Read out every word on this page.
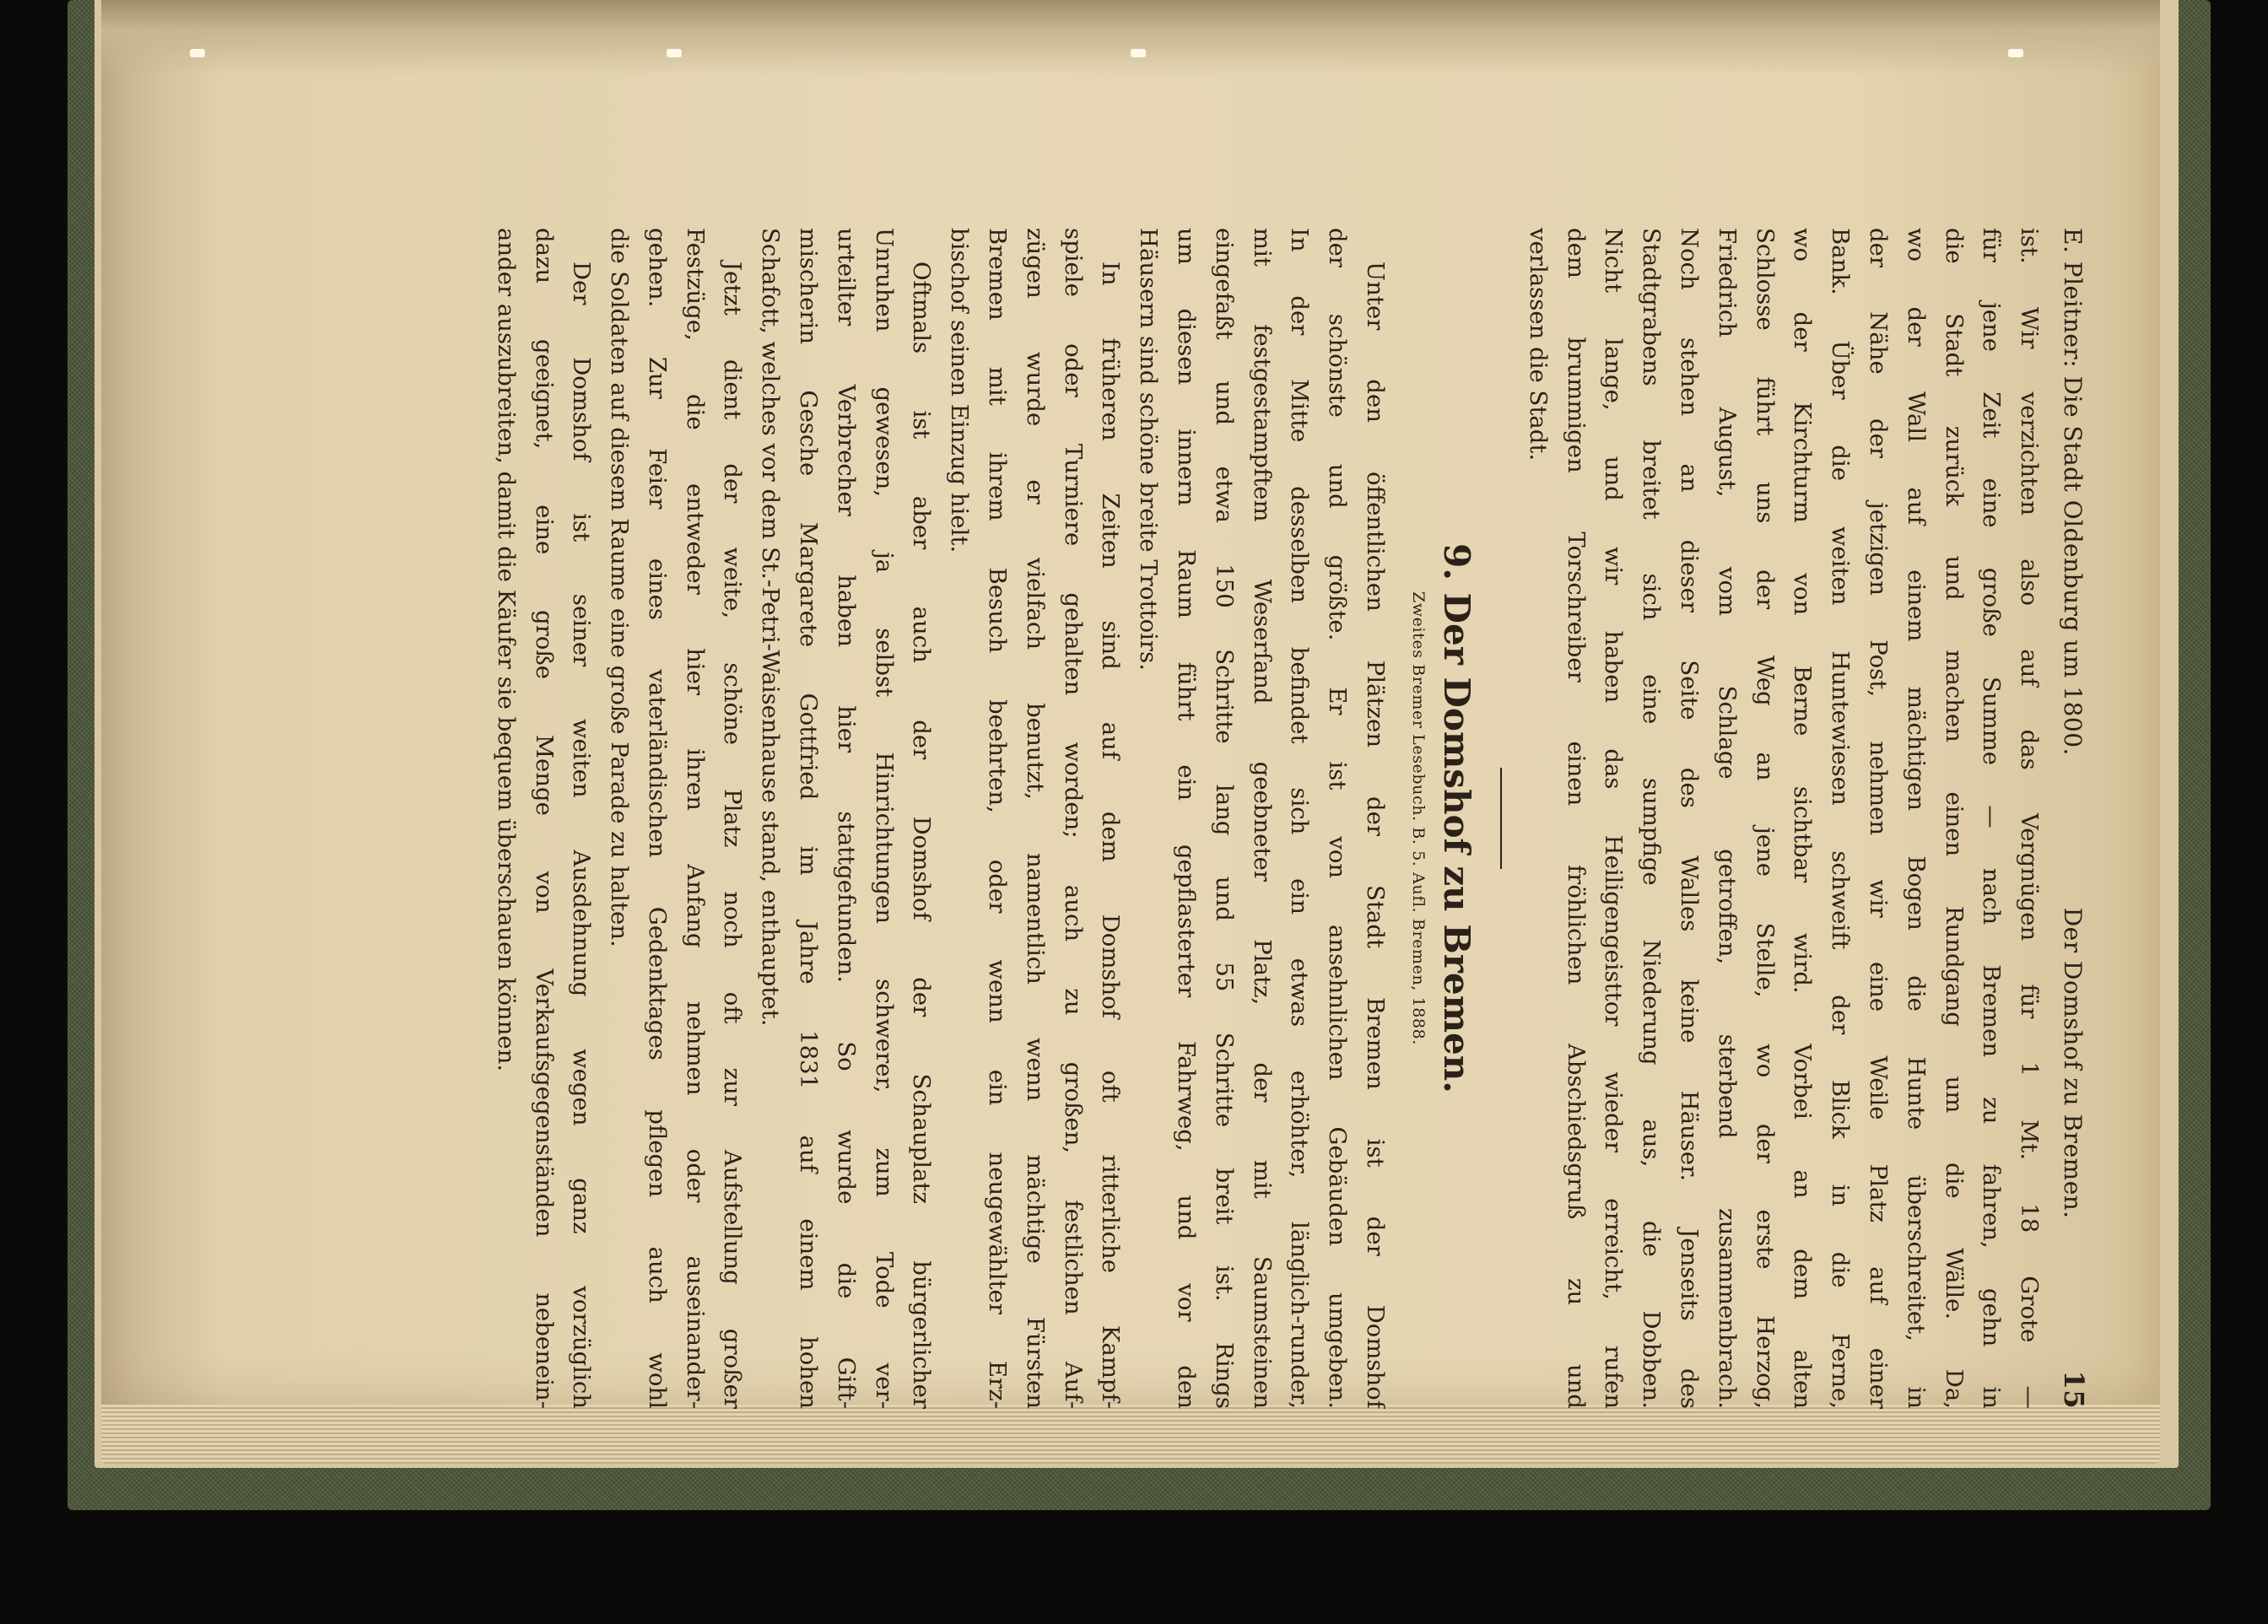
E. Pleitner: Die Stadt Oldenburg um 1800.
Der Domshof zu Bremen.
15
ist. Wir verzichten also auf das Vergnügen für 1 Mt. 18 Grote —
für jene Zeit eine große Summe — nach Bremen zu fahren, gehn in
die Stadt zurück und machen einen Rundgang um die Wälle. Da,
wo der Wall auf einem mächtigen Bogen die Hunte überschreitet, in
der Nähe der jetzigen Post, nehmen wir eine Weile Platz auf einer
Bank. Über die weiten Huntewiesen schweift der Blick in die Ferne,
wo der Kirchturm von Berne sichtbar wird. Vorbei an dem alten
Schlosse führt uns der Weg an jene Stelle, wo der erste Herzog,
Friedrich August, vom Schlage getroffen, sterbend zusammenbrach.
Noch stehen an dieser Seite des Walles keine Häuser. Jenseits des
Stadtgrabens breitet sich eine sumpfige Niederung aus, die Dobben.
Nicht lange, und wir haben das Heiligengeisttor wieder erreicht, rufen
dem brummigen Torschreiber einen fröhlichen Abschiedsgruß zu und
verlassen die Stadt.
9. Der Domshof zu Bremen.
Zweites Bremer Lesebuch. B. 5. Aufl. Bremen, 1888.
Unter den öffentlichen Plätzen der Stadt Bremen ist der Domshof
der schönste und größte. Er ist von ansehnlichen Gebäuden umgeben.
In der Mitte desselben befindet sich ein etwas erhöhter, länglich-runder,
mit festgestampftem Weserſand geebneter Platz, der mit Saumsteinen
eingefaßt und etwa 150 Schritte lang und 55 Schritte breit ist. Rings
um diesen innern Raum führt ein gepflasterter Fahrweg, und vor den
Häusern sind schöne breite Trottoirs.
In früheren Zeiten sind auf dem Domshof oft ritterliche Kampf-
spiele oder Turniere gehalten worden; auch zu großen, festlichen Auf-
zügen wurde er vielfach benutzt, namentlich wenn mächtige Fürsten
Bremen mit ihrem Besuch beehrten, oder wenn ein neugewählter Erz-
bischof seinen Einzug hielt.
Oftmals ist aber auch der Domshof der Schauplatz bürgerlicher
Unruhen gewesen, ja selbst Hinrichtungen schwerer, zum Tode ver-
urteilter Verbrecher haben hier stattgefunden. So wurde die Gift-
mischerin Gesche Margarete Gottfried im Jahre 1831 auf einem hohen
Schafott, welches vor dem St.-Petri-Waisenhause stand, enthauptet.
Jetzt dient der weite, schöne Platz noch oft zur Aufstellung großer
Festzüge, die entweder hier ihren Anfang nehmen oder auseinander-
gehen. Zur Feier eines vaterländischen Gedenktages pflegen auch wohl
die Soldaten auf diesem Raume eine große Parade zu halten.
Der Domshof ist seiner weiten Ausdehnung wegen ganz vorzüglich
dazu geeignet, eine große Menge von Verkaufsgegenständen nebenein-
ander auszubreiten, damit die Käufer sie bequem überschauen können.
